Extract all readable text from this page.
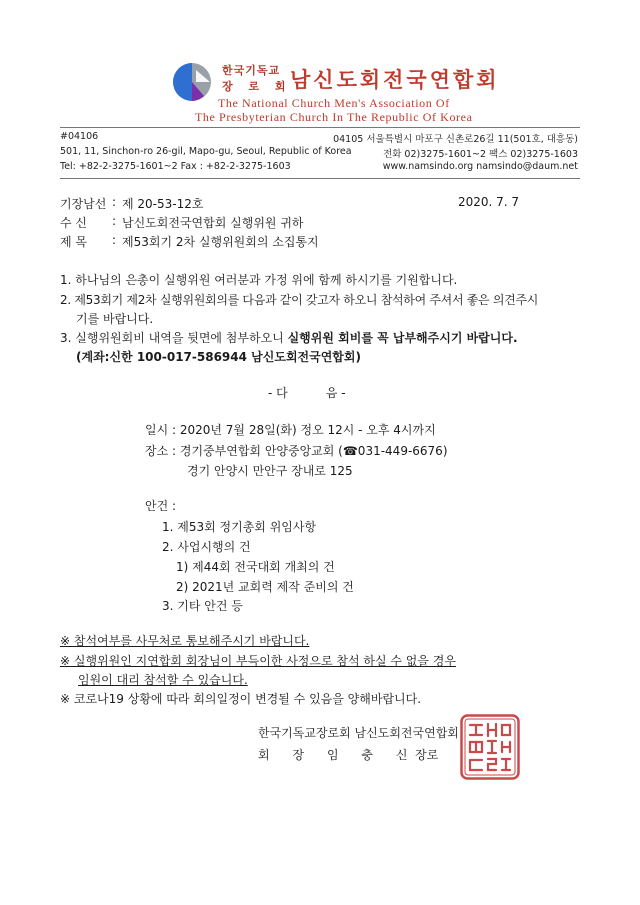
한국기독교
장 로 회
남신도회전국연합회
The National Church Men's Association Of
The Presbyterian Church In The Republic Of Korea
#04106
501, 11, Sinchon-ro 26-gil, Mapo-gu, Seoul, Republic of Korea
Tel: +82-2-3275-1601~2 Fax : +82-2-3275-1603
04105 서울특별시 마포구 신촌로26길 11(501호, 대흥동)
전화 02)3275-1601~2 팩스 02)3275-1603
www.namsindo.org namsindo@daum.net
기장남선 : 제 20-53-12호	2020. 7. 7
수 신 : 남신도회전국연합회 실행위원 귀하
제 목 : 제53회기 2차 실행위원회의 소집통지
1. 하나님의 은총이 실행위원 여러분과 가정 위에 함께 하시기를 기원합니다.
2. 제53회기 제2차 실행위원회의를 다음과 같이 갖고자 하오니 참석하여 주셔서 좋은 의견주시
기를 바랍니다.
3. 실행위원회비 내역을 뒷면에 첨부하오니 실행위원 회비를 꼭 납부해주시기 바랍니다.
(계좌:신한 100-017-586944 남신도회전국연합회)
- 다          음 -
일시 : 2020년 7월 28일(화) 정오 12시 - 오후 4시까지
장소 : 경기중부연합회 안양중앙교회 (☎031-449-6676)
경기 안양시 만안구 장내로 125
안건 :
1. 제53회 정기총회 위임사항
2. 사업시행의 건
1) 제44회 전국대회 개최의 건
2) 2021년 교회력 제작 준비의 건
3. 기타 안건 등
※ 참석여부를 사무처로 통보해주시기 바랍니다.
※ 실행위원인 지연합회 회장님이 부득이한 사정으로 참석 하실 수 없을 경우
임원이 대리 참석할 수 있습니다.
※ 코로나19 상황에 따라 회의일정이 변경될 수 있음을 양해바랍니다.
한국기독교장로회 남신도회전국연합회
회      장      임      충      신  장로
